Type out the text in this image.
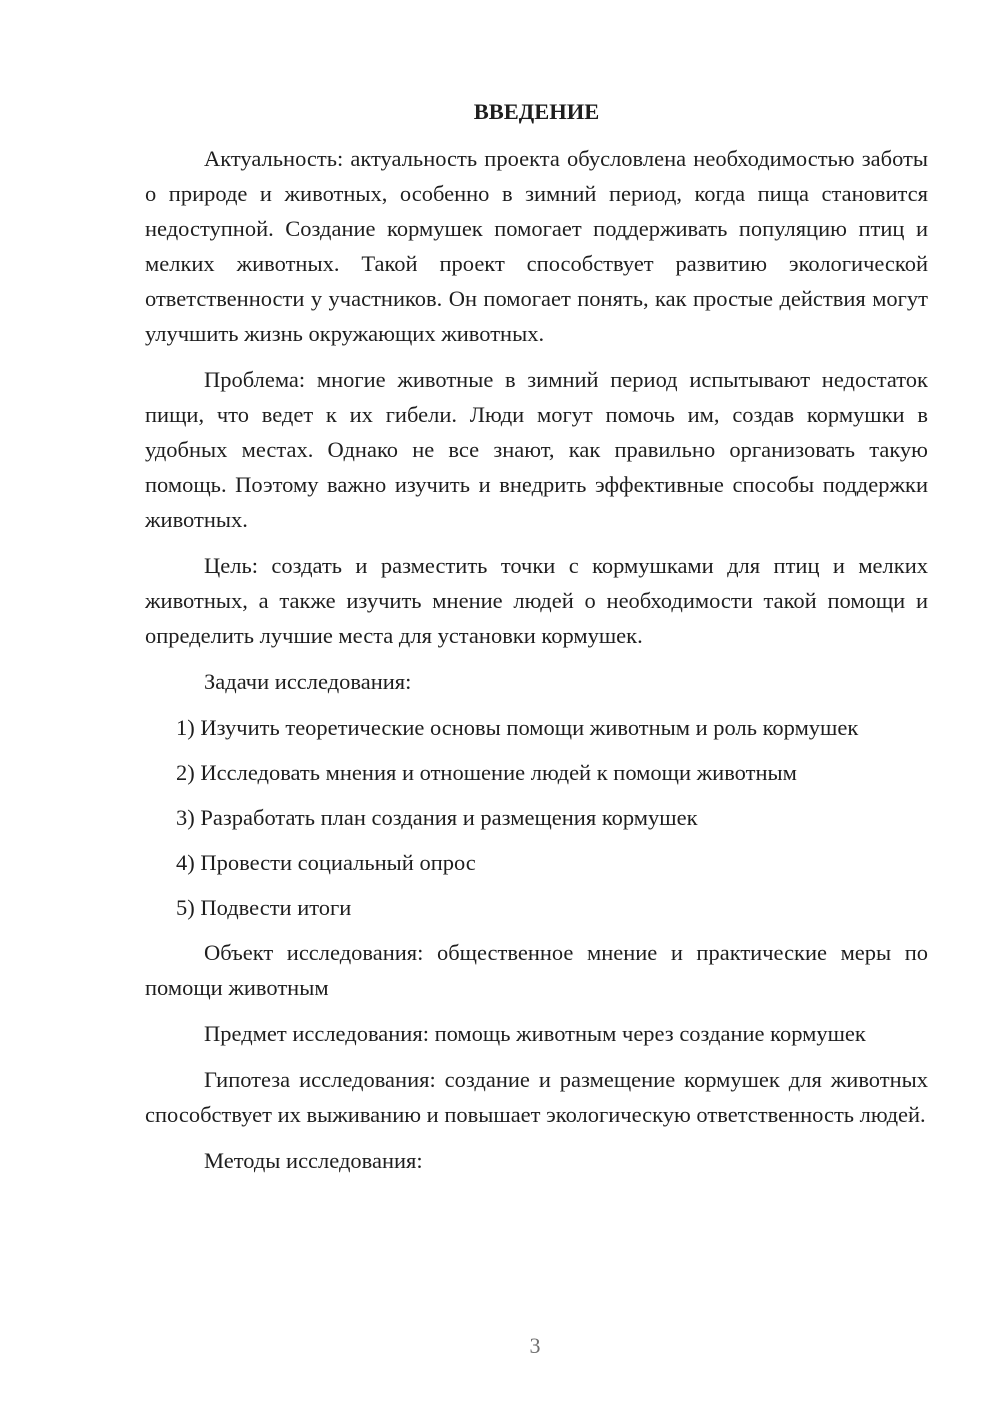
ВВЕДЕНИЕ

Актуальность: актуальность проекта обусловлена необходимостью заботы о природе и животных, особенно в зимний период, когда пища становится недоступной. Создание кормушек помогает поддерживать популяцию птиц и мелких животных. Такой проект способствует развитию экологической ответственности у участников. Он помогает понять, как простые действия могут улучшить жизнь окружающих животных.

Проблема: многие животные в зимний период испытывают недостаток пищи, что ведет к их гибели. Люди могут помочь им, создав кормушки в удобных местах. Однако не все знают, как правильно организовать такую помощь. Поэтому важно изучить и внедрить эффективные способы поддержки животных.

Цель: создать и разместить точки с кормушками для птиц и мелких животных, а также изучить мнение людей о необходимости такой помощи и определить лучшие места для установки кормушек.

Задачи исследования:

1) Изучить теоретические основы помощи животным и роль кормушек

2) Исследовать мнения и отношение людей к помощи животным

3) Разработать план создания и размещения кормушек

4) Провести социальный опрос

5) Подвести итоги

Объект исследования: общественное мнение и практические меры по помощи животным

Предмет исследования: помощь животным через создание кормушек

Гипотеза исследования: создание и размещение кормушек для животных способствует их выживанию и повышает экологическую ответственность людей.

Методы исследования:

3
